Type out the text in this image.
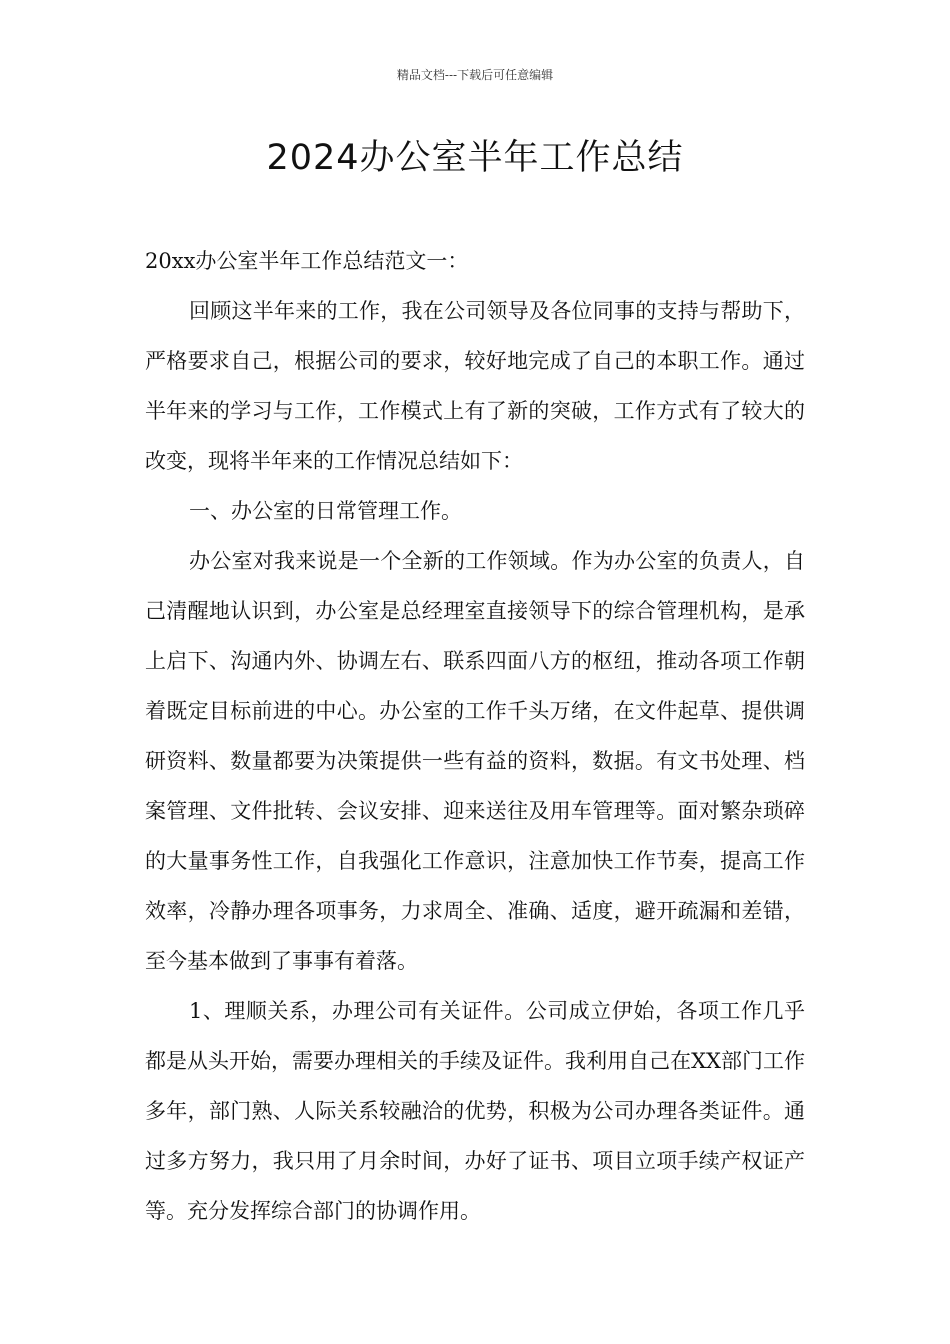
精品文档---下载后可任意编辑
2024办公室半年工作总结

20xx办公室半年工作总结范文一：

回顾这半年来的工作，我在公司领导及各位同事的支持与帮助下，严格要求自己，根据公司的要求，较好地完成了自己的本职工作。通过半年来的学习与工作，工作模式上有了新的突破，工作方式有了较大的改变，现将半年来的工作情况总结如下：

一、办公室的日常管理工作。

办公室对我来说是一个全新的工作领域。作为办公室的负责人，自己清醒地认识到，办公室是总经理室直接领导下的综合管理机构，是承上启下、沟通内外、协调左右、联系四面八方的枢纽，推动各项工作朝着既定目标前进的中心。办公室的工作千头万绪，在文件起草、提供调研资料、数量都要为决策提供一些有益的资料，数据。有文书处理、档案管理、文件批转、会议安排、迎来送往及用车管理等。面对繁杂琐碎的大量事务性工作，自我强化工作意识，注意加快工作节奏，提高工作效率，冷静办理各项事务，力求周全、准确、适度，避开疏漏和差错，至今基本做到了事事有着落。

1、理顺关系，办理公司有关证件。公司成立伊始，各项工作几乎都是从头开始，需要办理相关的手续及证件。我利用自己在XX部门工作多年，部门熟、人际关系较融洽的优势，积极为公司办理各类证件。通过多方努力，我只用了月余时间，办好了证书、项目立项手续产权证产等。充分发挥综合部门的协调作用。
